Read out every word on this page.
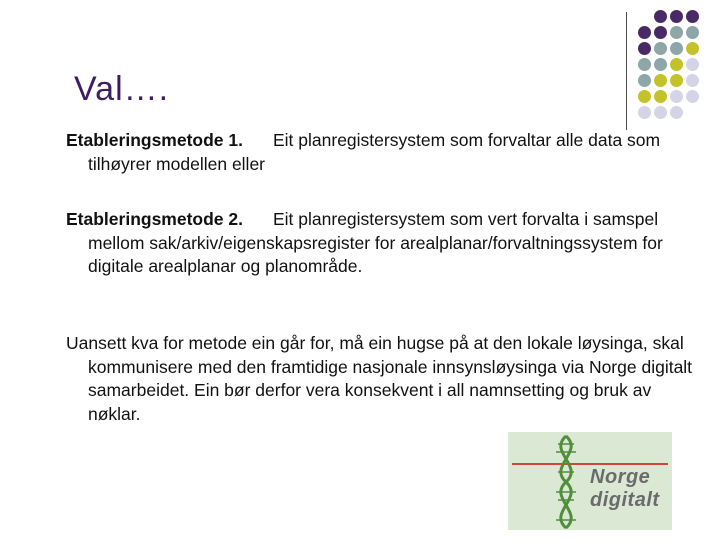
Val….
Etableringsmetode 1. Eit planregistersystem som forvaltar alle data som tilhøyrer modellen eller
Etableringsmetode 2. Eit planregistersystem som vert forvalta i samspel mellom sak/arkiv/eigenskapsregister for arealplanar/forvaltningssystem for digitale arealplanar og planområde.
Uansett kva for metode ein går for, må ein hugse på at den lokale løysinga, skal kommunisere med den framtidige nasjonale innsynsløysinga via Norge digitalt samarbeidet. Ein bør derfor vera konsekvent i all namnsetting og bruk av nøklar.
Norge
digitalt
